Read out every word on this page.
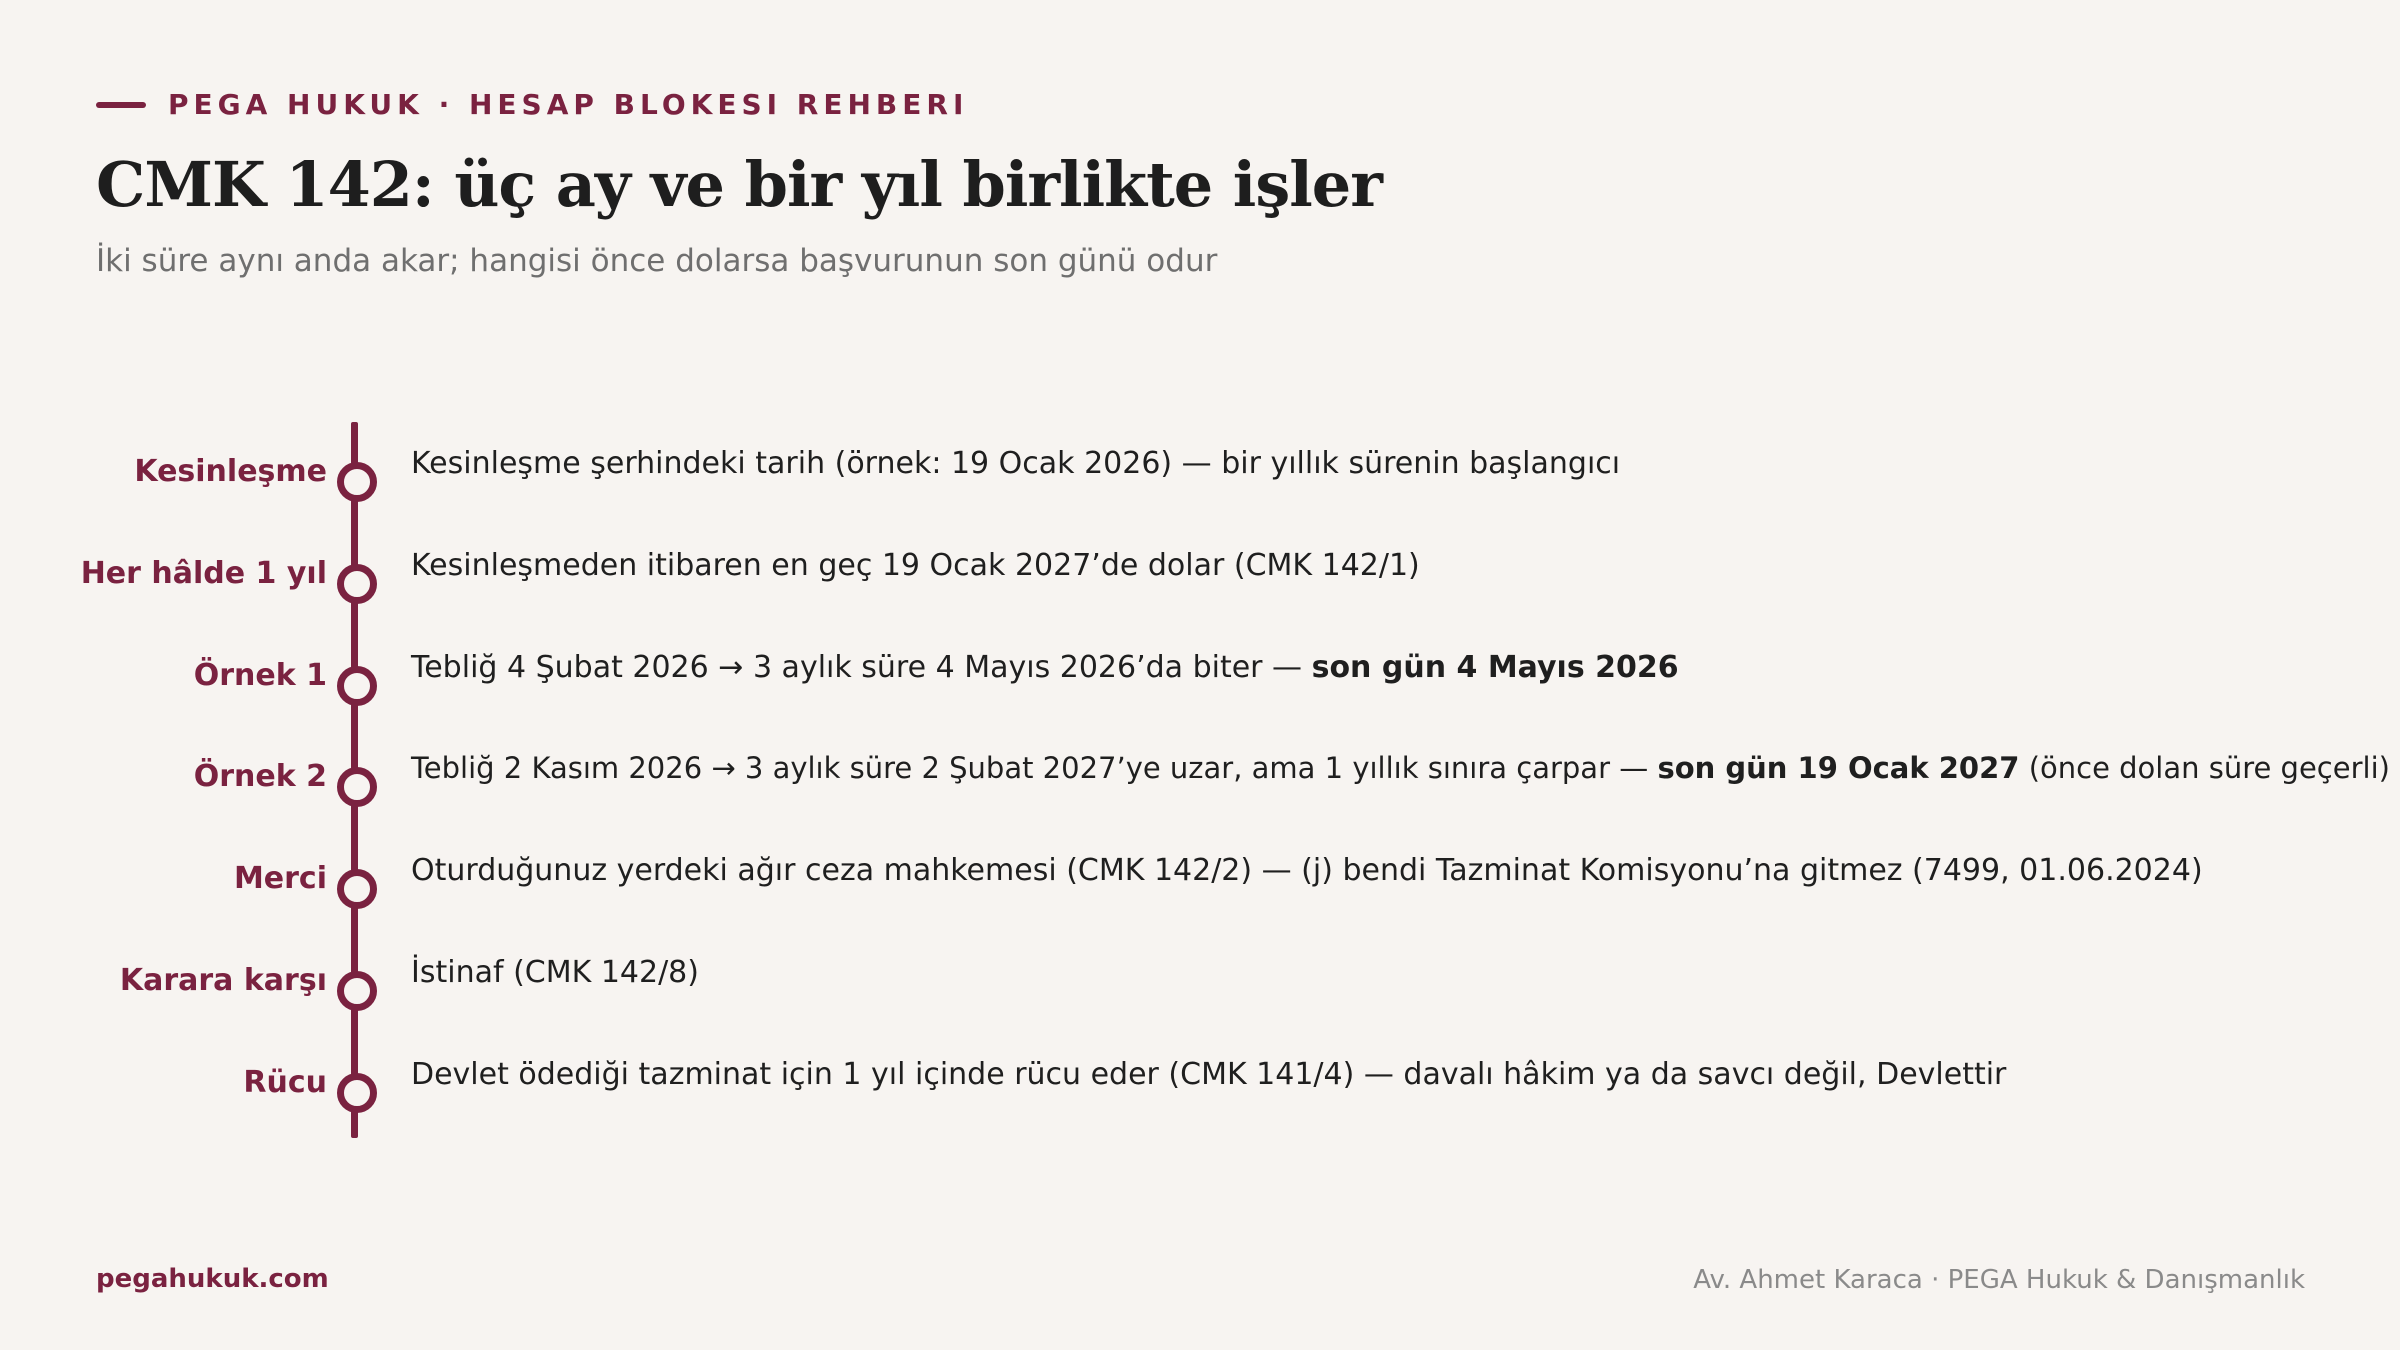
PEGA HUKUK · HESAP BLOKESI REHBERI
CMK 142: üç ay ve bir yıl birlikte işler
İki süre aynı anda akar; hangisi önce dolarsa başvurunun son günü odur
Kesinleşme	Kesinleşme şerhindeki tarih (örnek: 19 Ocak 2026) — bir yıllık sürenin başlangıcı
Her hâlde 1 yıl	Kesinleşmeden itibaren en geç 19 Ocak 2027’de dolar (CMK 142/1)
Örnek 1	Tebliğ 4 Şubat 2026 → 3 aylık süre 4 Mayıs 2026’da biter — son gün 4 Mayıs 2026
Örnek 2	Tebliğ 2 Kasım 2026 → 3 aylık süre 2 Şubat 2027’ye uzar, ama 1 yıllık sınıra çarpar — son gün 19 Ocak 2027 (önce dolan süre geçerli)
Merci	Oturduğunuz yerdeki ağır ceza mahkemesi (CMK 142/2) — (j) bendi Tazminat Komisyonu’na gitmez (7499, 01.06.2024)
Karara karşı	İstinaf (CMK 142/8)
Rücu	Devlet ödediği tazminat için 1 yıl içinde rücu eder (CMK 141/4) — davalı hâkim ya da savcı değil, Devlettir
pegahukuk.com	Av. Ahmet Karaca · PEGA Hukuk & Danışmanlık
